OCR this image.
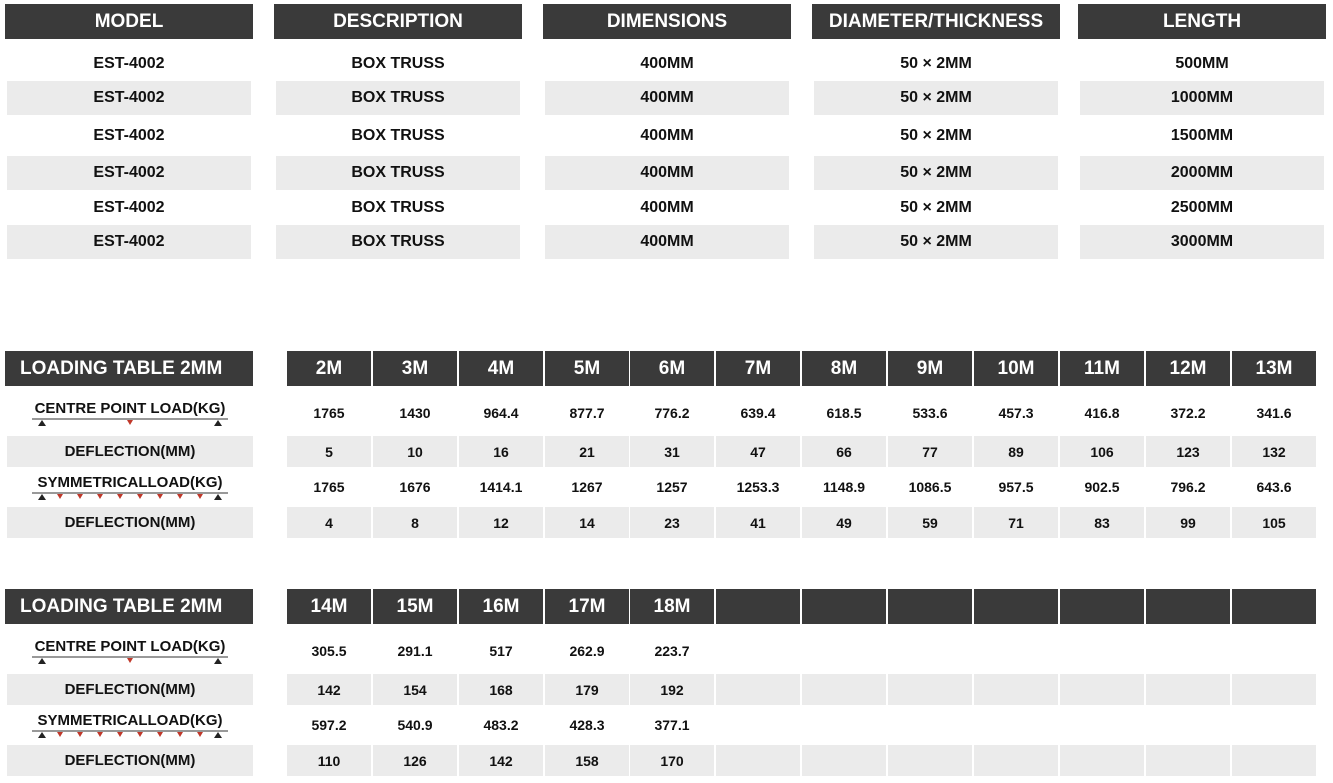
MODEL	DESCRIPTION	DIMENSIONS	DIAMETER/THICKNESS	LENGTH
EST-4002	BOX TRUSS	400MM	50 × 2MM	500MM
EST-4002	BOX TRUSS	400MM	50 × 2MM	1000MM
EST-4002	BOX TRUSS	400MM	50 × 2MM	1500MM
EST-4002	BOX TRUSS	400MM	50 × 2MM	2000MM
EST-4002	BOX TRUSS	400MM	50 × 2MM	2500MM
EST-4002	BOX TRUSS	400MM	50 × 2MM	3000MM
LOADING TABLE 2MM	2M	3M	4M	5M	6M	7M	8M	9M	10M	11M	12M	13M
CENTRE POINT LOAD(KG)	1765	1430	964.4	877.7	776.2	639.4	618.5	533.6	457.3	416.8	372.2	341.6
DEFLECTION(MM)	5	10	16	21	31	47	66	77	89	106	123	132
SYMMETRICALLOAD(KG)	1765	1676	1414.1	1267	1257	1253.3	1148.9	1086.5	957.5	902.5	796.2	643.6
DEFLECTION(MM)	4	8	12	14	23	41	49	59	71	83	99	105
LOADING TABLE 2MM	14M	15M	16M	17M	18M
CENTRE POINT LOAD(KG)	305.5	291.1	517	262.9	223.7
DEFLECTION(MM)	142	154	168	179	192
SYMMETRICALLOAD(KG)	597.2	540.9	483.2	428.3	377.1
DEFLECTION(MM)	110	126	142	158	170
